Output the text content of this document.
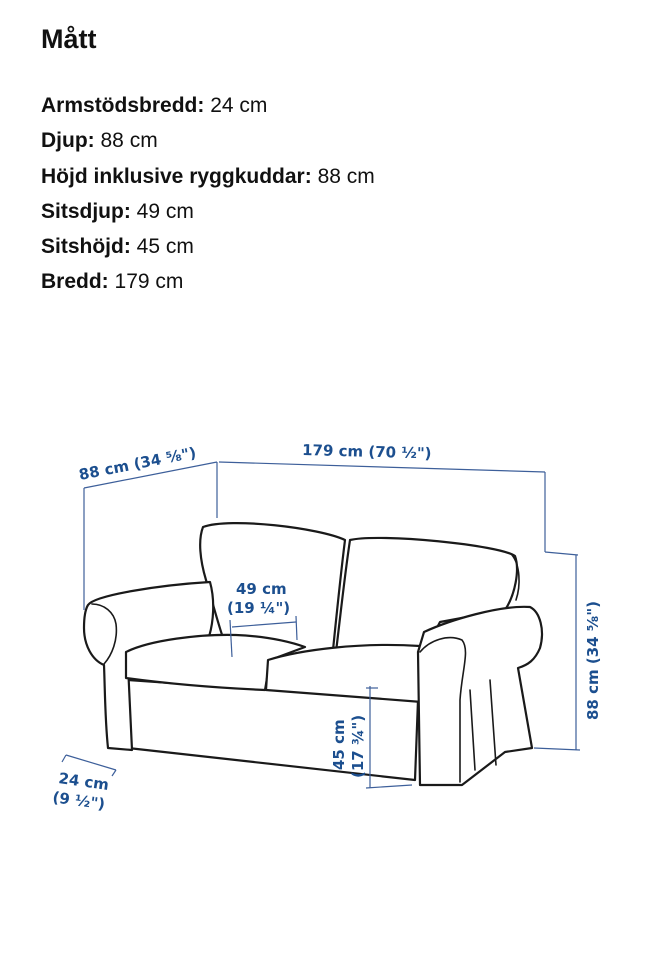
Mått
Armstödsbredd: 24 cm
Djup: 88 cm
Höjd inklusive ryggkuddar: 88 cm
Sitsdjup: 49 cm
Sitshöjd: 45 cm
Bredd: 179 cm
88 cm (34 ⅝")	179 cm (70 ½")
88 cm (34 ⅝")
49 cm
(19 ¼")
45 cm (17 ¾")
24 cm
(9 ½")
